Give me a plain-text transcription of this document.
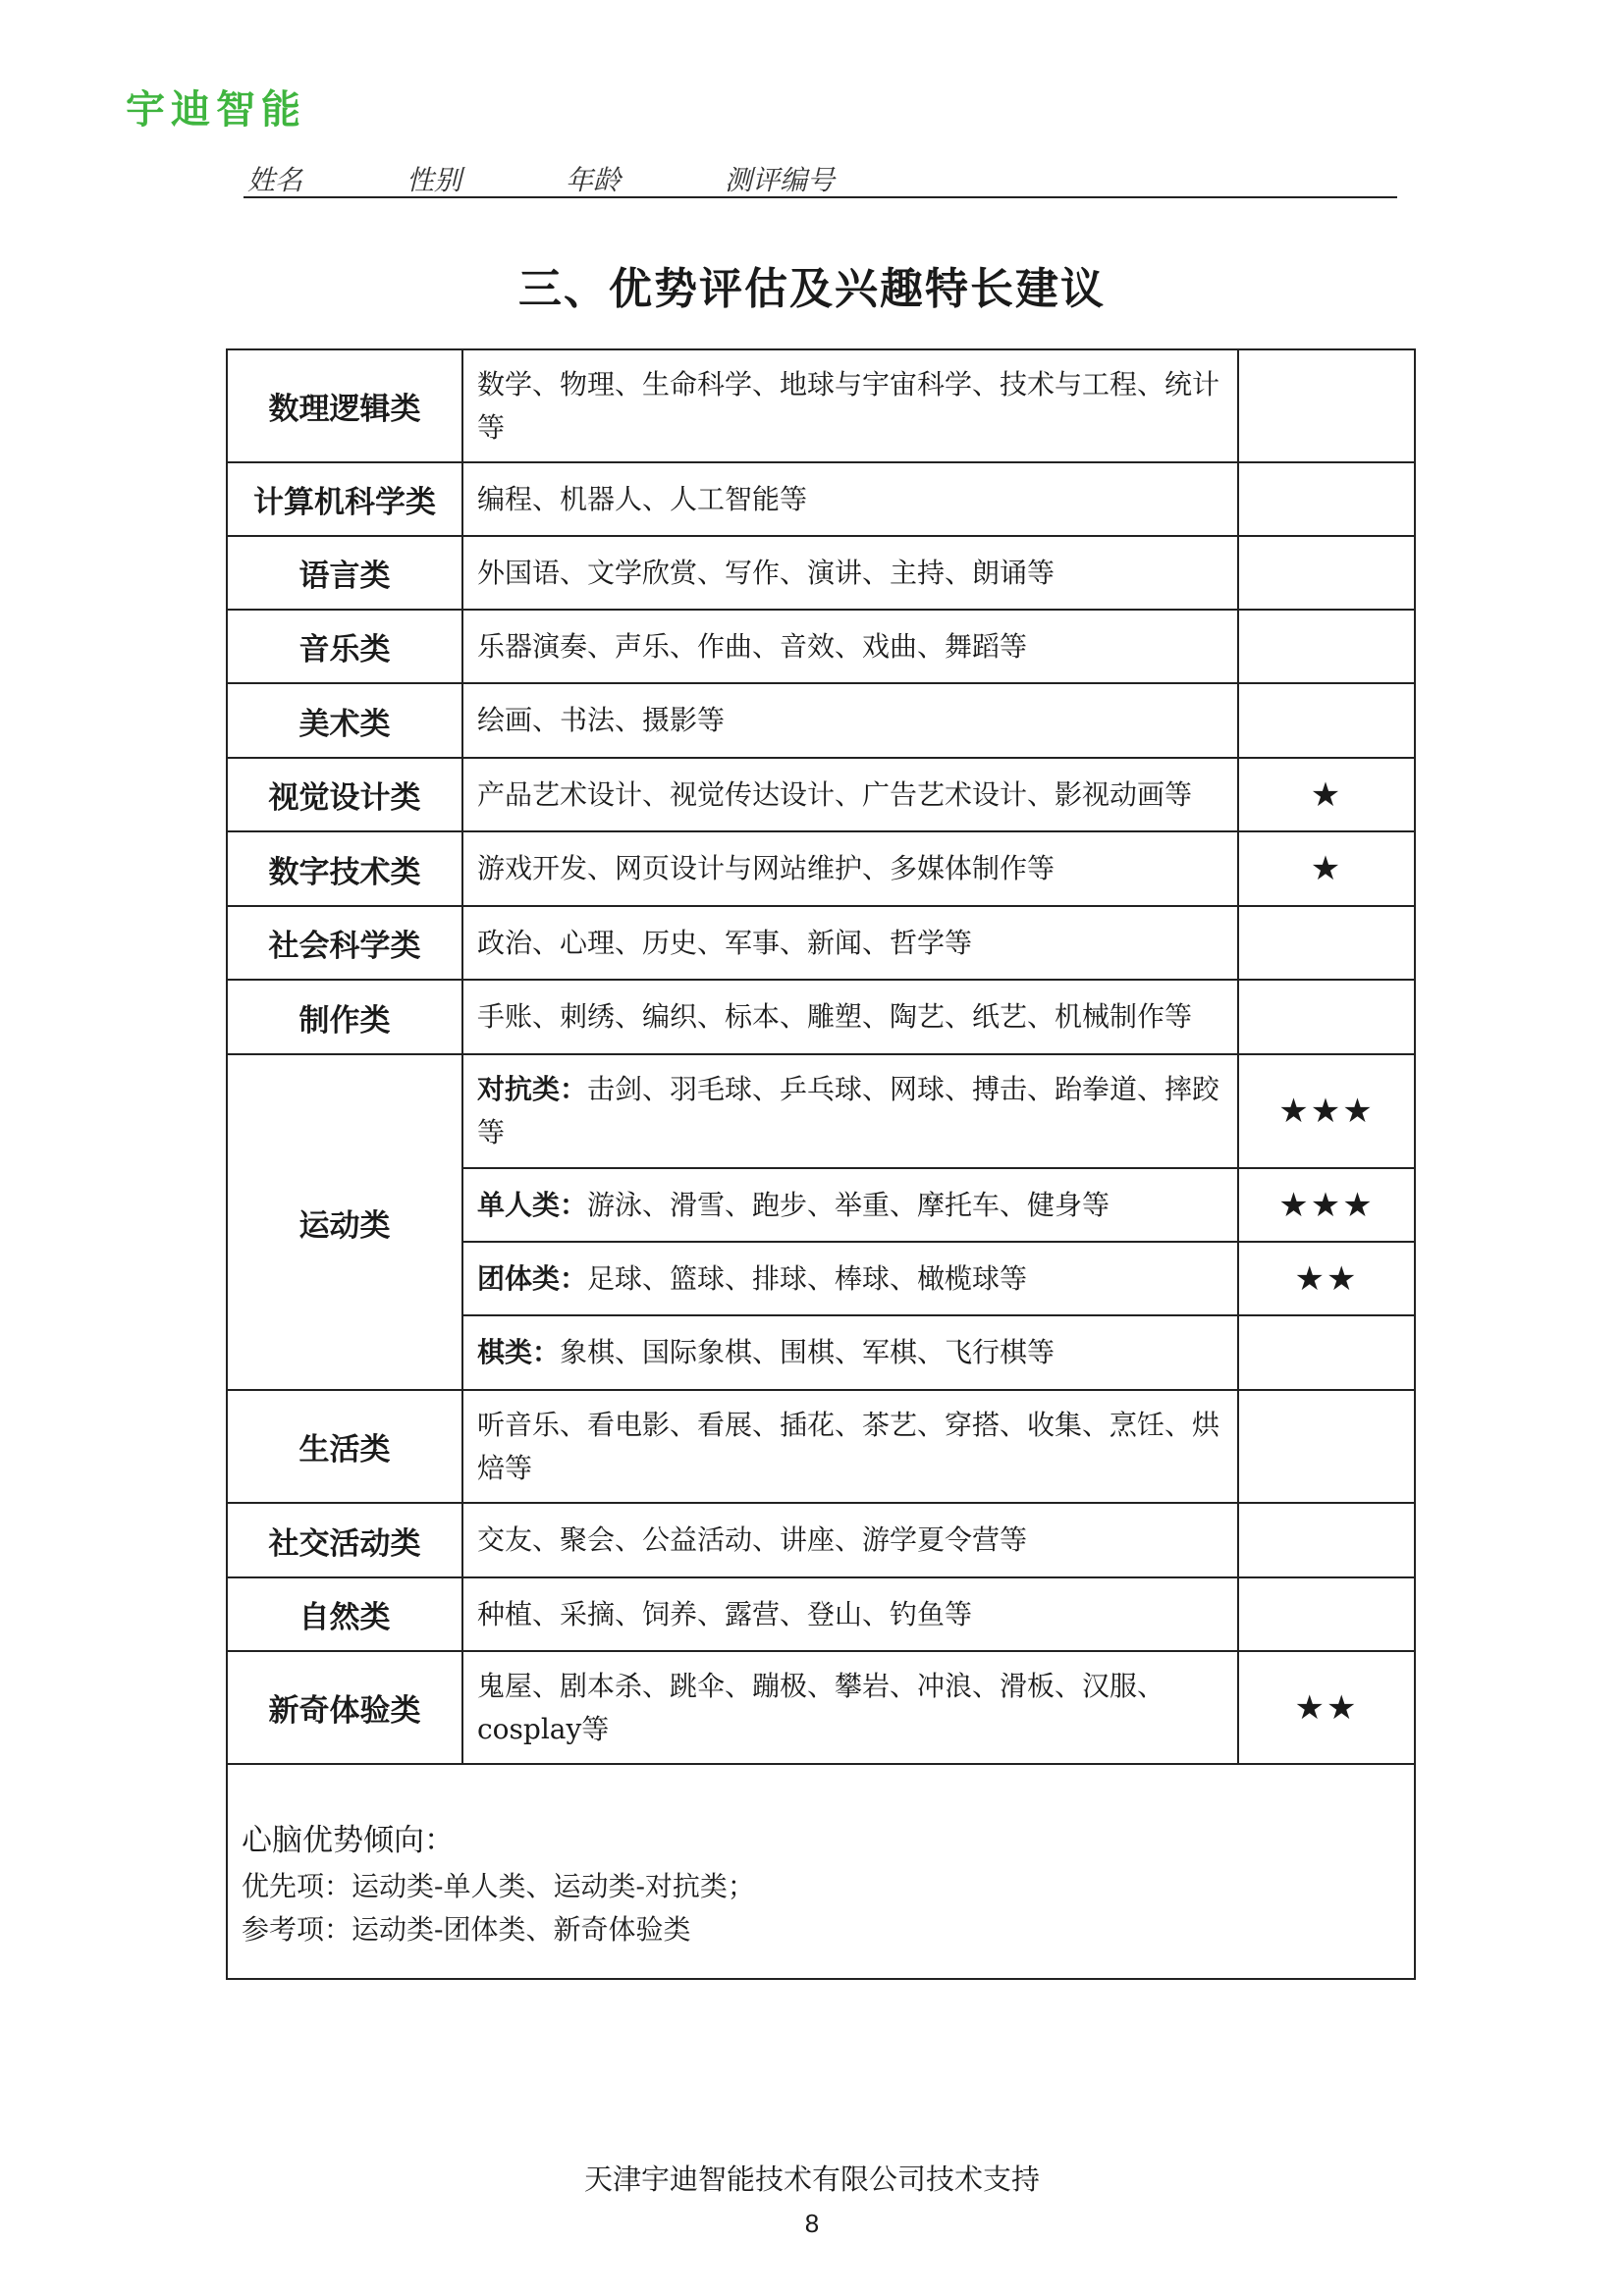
宇迪智能
姓名	性别	年龄	测评编号
三、优势评估及兴趣特长建议
数理逻辑类	数学、物理、生命科学、地球与宇宙科学、技术与工程、统计等	
计算机科学类	编程、机器人、人工智能等	
语言类	外国语、文学欣赏、写作、演讲、主持、朗诵等	
音乐类	乐器演奏、声乐、作曲、音效、戏曲、舞蹈等	
美术类	绘画、书法、摄影等	
视觉设计类	产品艺术设计、视觉传达设计、广告艺术设计、影视动画等	★
数字技术类	游戏开发、网页设计与网站维护、多媒体制作等	★
社会科学类	政治、心理、历史、军事、新闻、哲学等	
制作类	手账、刺绣、编织、标本、雕塑、陶艺、纸艺、机械制作等	
运动类	对抗类：击剑、羽毛球、乒乓球、网球、搏击、跆拳道、摔跤等	★★★
	单人类：游泳、滑雪、跑步、举重、摩托车、健身等	★★★
	团体类：足球、篮球、排球、棒球、橄榄球等	★★
	棋类：象棋、国际象棋、围棋、军棋、飞行棋等	
生活类	听音乐、看电影、看展、插花、茶艺、穿搭、收集、烹饪、烘焙等	
社交活动类	交友、聚会、公益活动、讲座、游学夏令营等	
自然类	种植、采摘、饲养、露营、登山、钓鱼等	
新奇体验类	鬼屋、剧本杀、跳伞、蹦极、攀岩、冲浪、滑板、汉服、cosplay等	★★

心脑优势倾向：
优先项：运动类-单人类、运动类-对抗类；
参考项：运动类-团体类、新奇体验类		
天津宇迪智能技术有限公司技术支持
8
